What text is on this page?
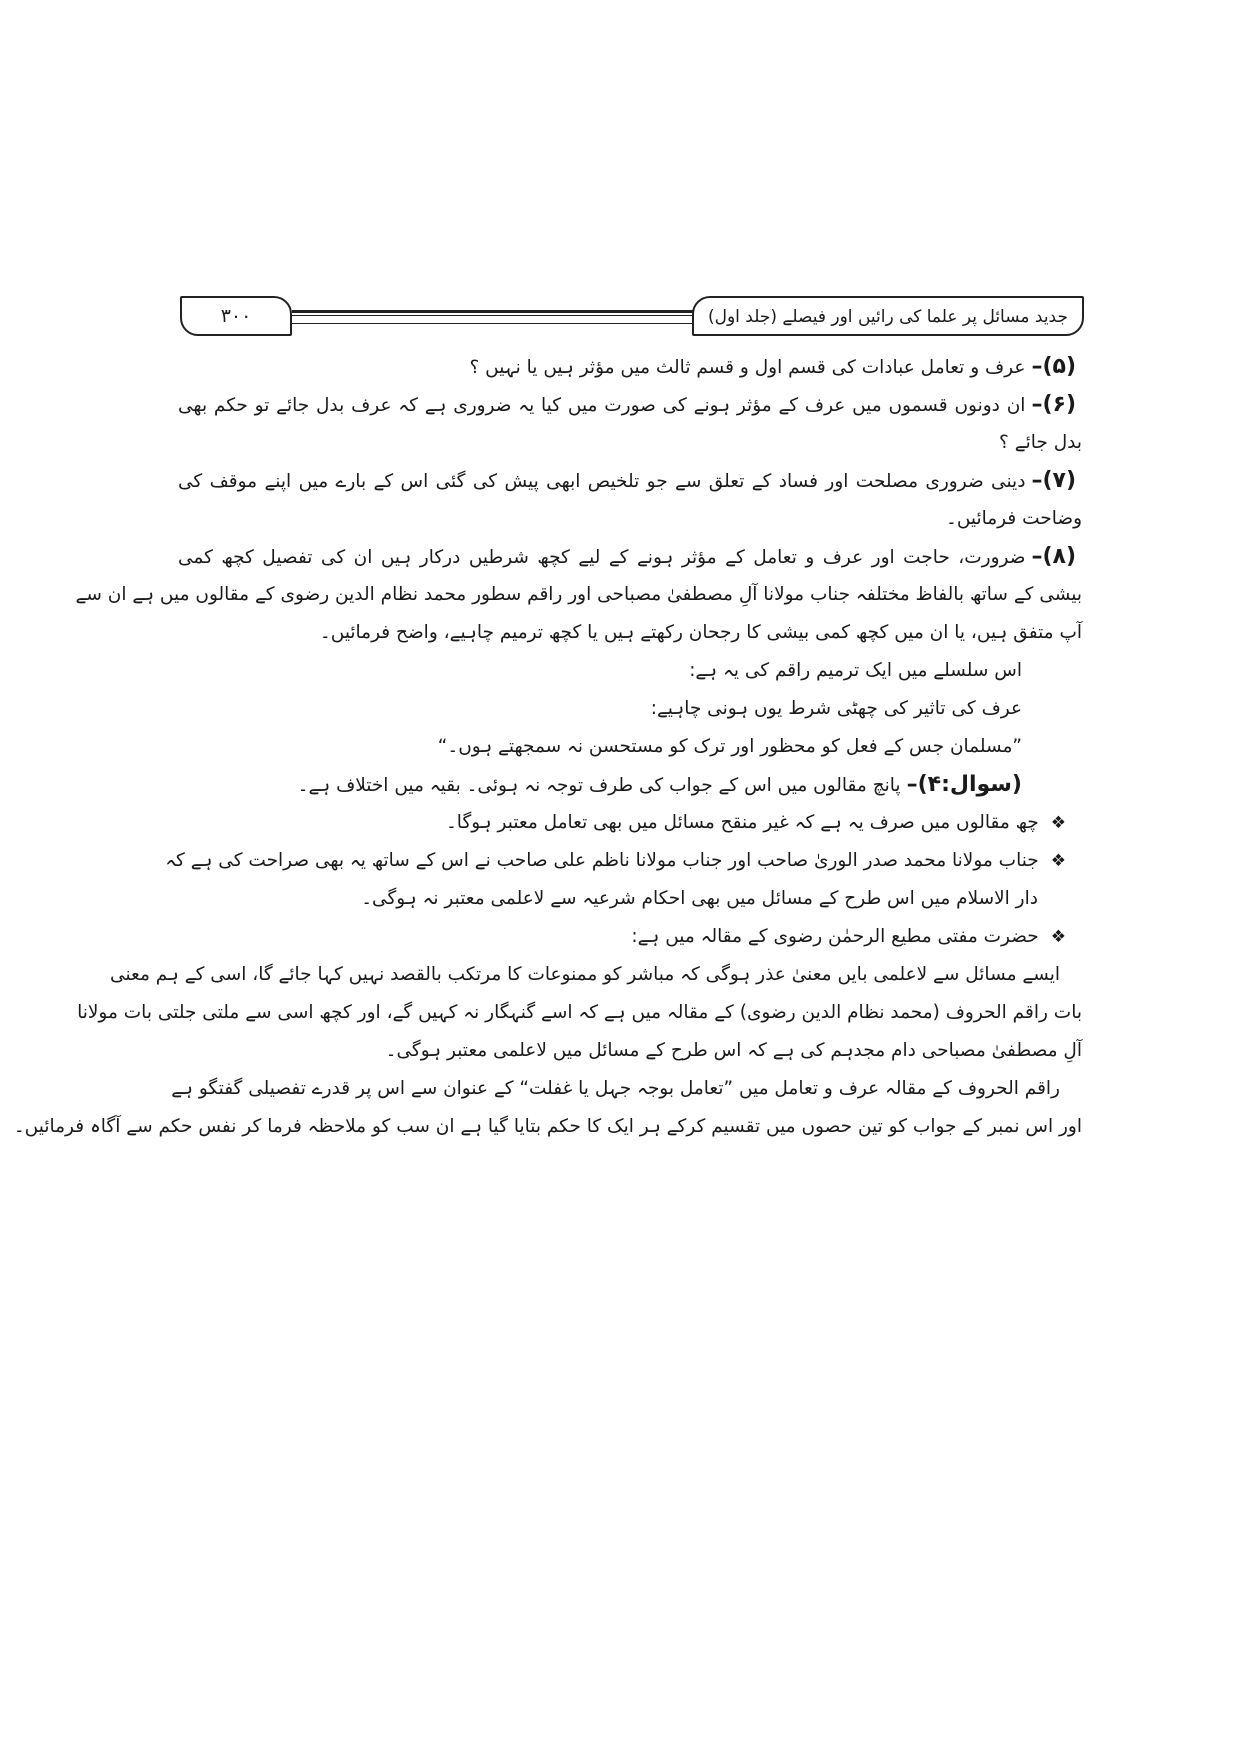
۳۰۰	جدید مسائل پر علما کی رائیں اور فیصلے (جلد اول)
(۵)–عرف و تعامل عبادات کی قسم اول و قسم ثالث میں مؤثر ہیں یا نہیں ؟
(۶)–ان دونوں قسموں میں عرف کے مؤثر ہونے کی صورت میں کیا یہ ضروری ہے کہ عرف بدل جائے تو حکم بھی
بدل جائے ؟
(۷)–دینی ضروری مصلحت اور فساد کے تعلق سے جو تلخیص ابھی پیش کی گئی اس کے بارے میں اپنے موقف کی
وضاحت فرمائیں۔
(۸)–ضرورت، حاجت اور عرف و تعامل کے مؤثر ہونے کے لیے کچھ شرطیں درکار ہیں ان کی تفصیل کچھ کمی
بیشی کے ساتھ بالفاظ مختلفہ جناب مولانا آلِ مصطفیٰ مصباحی اور راقم سطور محمد نظام الدین رضوی کے مقالوں میں ہے ان سے
آپ متفق ہیں، یا ان میں کچھ کمی بیشی کا رجحان رکھتے ہیں یا کچھ ترمیم چاہیے، واضح فرمائیں۔
اس سلسلے میں ایک ترمیم راقم کی یہ ہے:
عرف کی تاثیر کی چھٹی شرط یوں ہونی چاہیے:
”مسلمان جس کے فعل کو محظور اور ترک کو مستحسن نہ سمجھتے ہوں۔“
(سوال:۴)–پانچ مقالوں میں اس کے جواب کی طرف توجہ نہ ہوئی۔ بقیہ میں اختلاف ہے۔
❖چھ مقالوں میں صرف یہ ہے کہ غیر منقح مسائل میں بھی تعامل معتبر ہوگا۔
❖جناب مولانا محمد صدر الوریٰ صاحب اور جناب مولانا ناظم علی صاحب نے اس کے ساتھ یہ بھی صراحت کی ہے کہ
دار الاسلام میں اس طرح کے مسائل میں بھی احکام شرعیہ سے لاعلمی معتبر نہ ہوگی۔
❖حضرت مفتی مطیع الرحمٰن رضوی کے مقالہ میں ہے:
ایسے مسائل سے لاعلمی بایں معنیٰ عذر ہوگی کہ مباشر کو ممنوعات کا مرتکب بالقصد نہیں کہا جائے گا، اسی کے ہم معنی
بات راقم الحروف (محمد نظام الدین رضوی) کے مقالہ میں ہے کہ اسے گنہگار نہ کہیں گے، اور کچھ اسی سے ملتی جلتی بات مولانا
آلِ مصطفیٰ مصباحی دام مجدہم کی ہے کہ اس طرح کے مسائل میں لاعلمی معتبر ہوگی۔
راقم الحروف کے مقالہ عرف و تعامل میں ”تعامل بوجہ جہل یا غفلت“ کے عنوان سے اس پر قدرے تفصیلی گفتگو ہے
اور اس نمبر کے جواب کو تین حصوں میں تقسیم کرکے ہر ایک کا حکم بتایا گیا ہے ان سب کو ملاحظہ فرما کر نفس حکم سے آگاہ فرمائیں۔
